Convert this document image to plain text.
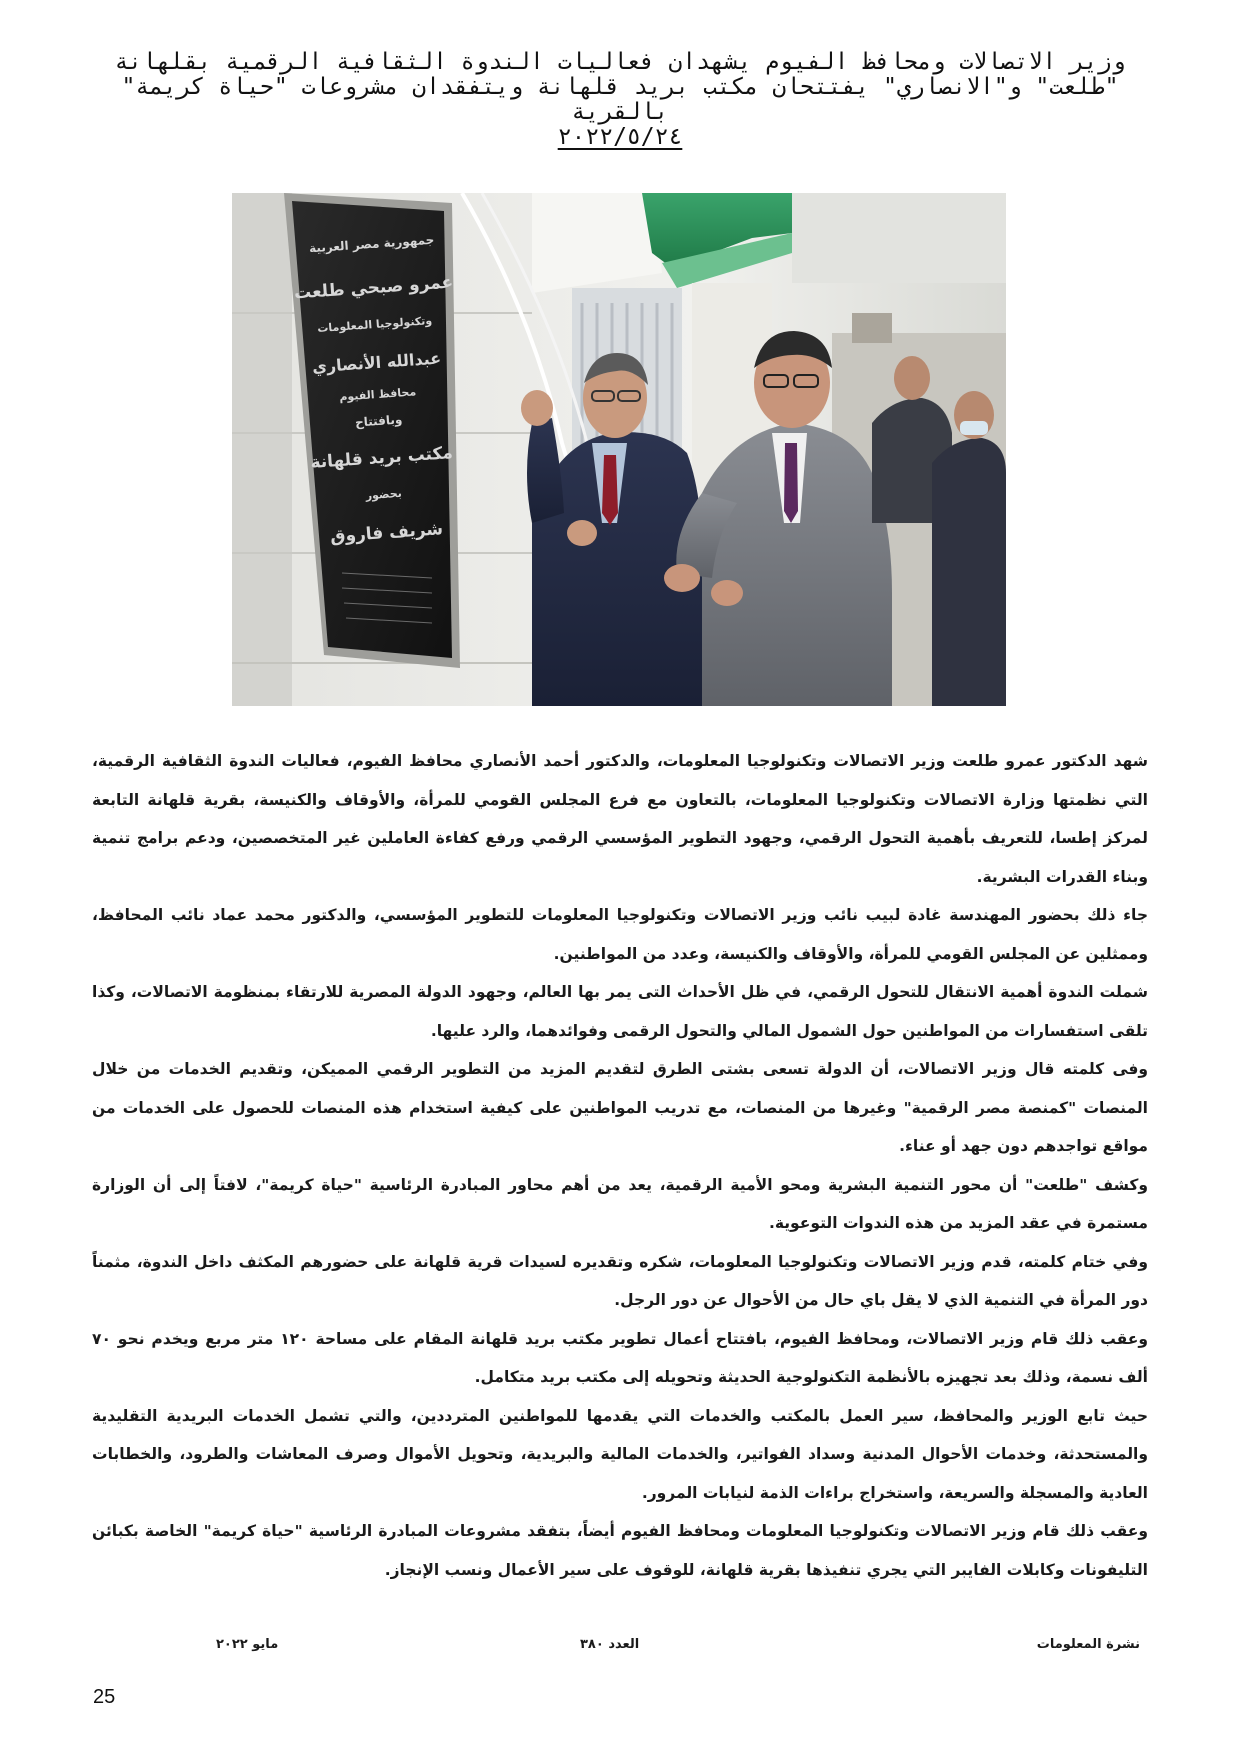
وزير الاتصالات ومحافظ الفيوم يشهدان فعاليات الندوة الثقافية الرقمية بقلهانة

"طلعت" و"الانصاري" يفتتحان مكتب بريد قلهانة ويتفقدان مشروعات "حياة كريمة" بالقرية

٢٠٢٢/٥/٢٤
جمهورية مصر العربية
عمرو صبحي طلعت
وتكنولوجيا المعلومات
عبدالله الأنصاري
محافظ الفيوم
وبافتتاح
مكتب بريد قلهانة
بحضور
شريف فاروق

شهد الدكتور عمرو طلعت وزير الاتصالات وتكنولوجيا المعلومات، والدكتور أحمد الأنصاري محافظ الفيوم، فعاليات الندوة الثقافية الرقمية، التي نظمتها وزارة الاتصالات وتكنولوجيا المعلومات، بالتعاون مع فرع المجلس القومي للمرأة، والأوقاف والكنيسة، بقرية قلهانة التابعة لمركز إطسا، للتعريف بأهمية التحول الرقمي، وجهود التطوير المؤسسي الرقمي ورفع كفاءة العاملين غير المتخصصين، ودعم برامج تنمية وبناء القدرات البشرية.

جاء ذلك بحضور المهندسة غادة لبيب نائب وزير الاتصالات وتكنولوجيا المعلومات للتطوير المؤسسي، والدكتور محمد عماد نائب المحافظ، وممثلين عن المجلس القومي للمرأة، والأوقاف والكنيسة، وعدد من المواطنين.

شملت الندوة أهمية الانتقال للتحول الرقمي، في ظل الأحداث التى يمر بها العالم، وجهود الدولة المصرية للارتقاء بمنظومة الاتصالات، وكذا تلقى استفسارات من المواطنين حول الشمول المالي والتحول الرقمى وفوائدهما، والرد عليها.

وفى كلمته قال وزير الاتصالات، أن الدولة تسعى بشتى الطرق لتقديم المزيد من التطوير الرقمي المميكن، وتقديم الخدمات من خلال المنصات "كمنصة مصر الرقمية" وغيرها من المنصات، مع تدريب المواطنين على كيفية استخدام هذه المنصات للحصول على الخدمات من مواقع تواجدهم دون جهد أو عناء.

وكشف "طلعت" أن محور التنمية البشرية ومحو الأمية الرقمية، يعد من أهم محاور المبادرة الرئاسية "حياة كريمة"، لافتاً إلى أن الوزارة مستمرة في عقد المزيد من هذه الندوات التوعوية.

وفي ختام كلمته، قدم وزير الاتصالات وتكنولوجيا المعلومات، شكره وتقديره لسيدات قرية قلهانة على حضورهم المكثف داخل الندوة، مثمناً دور المرأة في التنمية الذي لا يقل باي حال من الأحوال عن دور الرجل.

وعقب ذلك قام وزير الاتصالات، ومحافظ الفيوم، بافتتاح أعمال تطوير مكتب بريد قلهانة المقام على مساحة ١٢٠ متر مربع ويخدم نحو ٧٠ ألف نسمة، وذلك بعد تجهيزه بالأنظمة التكنولوجية الحديثة وتحويله إلى مكتب بريد متكامل.

حيث تابع الوزير والمحافظ، سير العمل بالمكتب والخدمات التي يقدمها للمواطنين المترددين، والتي تشمل الخدمات البريدية التقليدية والمستحدثة، وخدمات الأحوال المدنية وسداد الفواتير، والخدمات المالية والبريدية، وتحويل الأموال وصرف المعاشات والطرود، والخطابات العادية والمسجلة والسريعة، واستخراج براءات الذمة لنيابات المرور.

وعقب ذلك قام وزير الاتصالات وتكنولوجيا المعلومات ومحافظ الفيوم أيضاً، بتفقد مشروعات المبادرة الرئاسية "حياة كريمة" الخاصة بكبائن التليفونات وكابلات الفايبر التي يجري تنفيذها بقرية قلهانة، للوقوف على سير الأعمال ونسب الإنجاز.

نشرة المعلومات
العدد ٣٨٠
مايو ٢٠٢٢
25
